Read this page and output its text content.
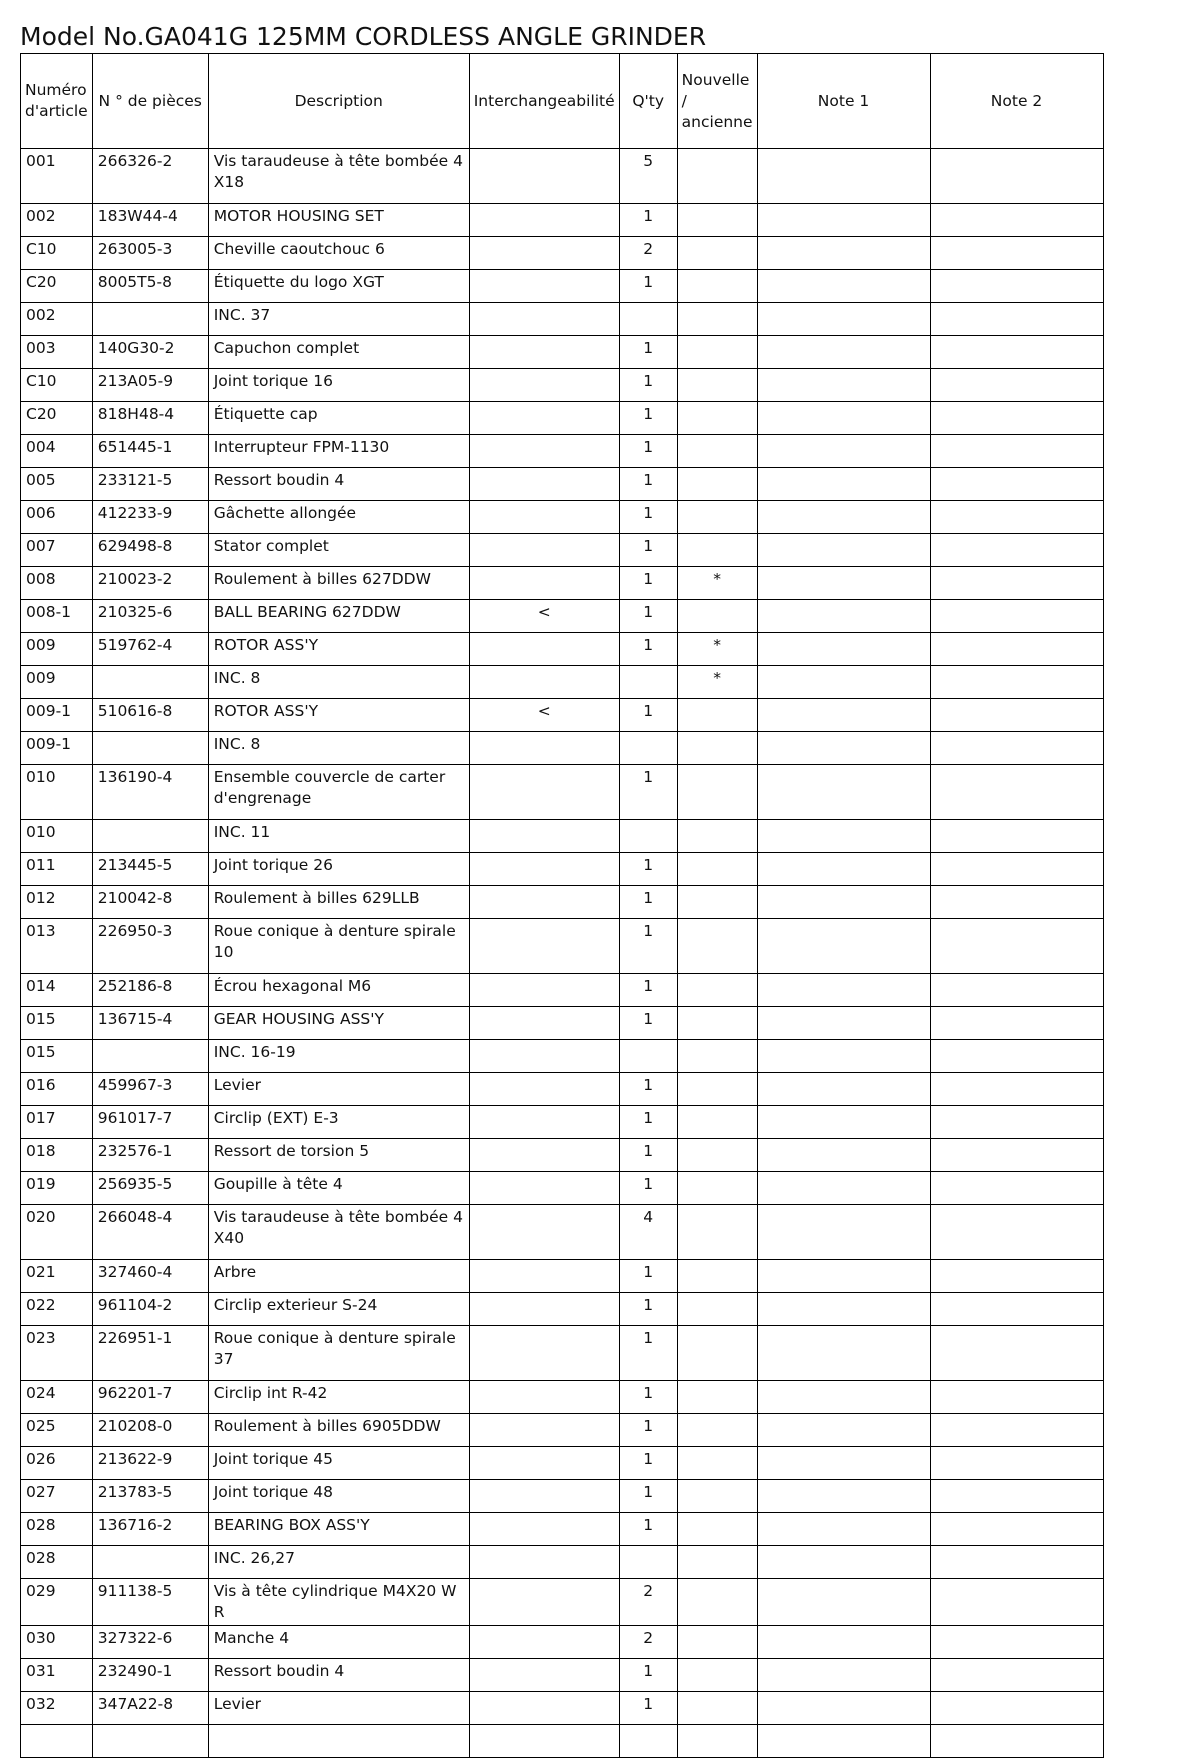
Model No.GA041G 125MM CORDLESS ANGLE GRINDER
Numéro d'article	N ° de pièces	Description	Interchangeabilité	Q'ty	Nouvelle / ancienne	Note 1	Note 2
001	266326-2	Vis taraudeuse à tête bombée 4X18		5			
002	183W44-4	MOTOR HOUSING SET		1			
C10	263005-3	Cheville caoutchouc 6		2			
C20	8005T5-8	Étiquette du logo XGT		1			
002		INC. 37					
003	140G30-2	Capuchon complet		1			
C10	213A05-9	Joint torique 16		1			
C20	818H48-4	Étiquette cap		1			
004	651445-1	Interrupteur FPM-1130		1			
005	233121-5	Ressort boudin 4		1			
006	412233-9	Gâchette allongée		1			
007	629498-8	Stator complet		1			
008	210023-2	Roulement à billes 627DDW		1	*		
008-1	210325-6	BALL BEARING 627DDW	<	1			
009	519762-4	ROTOR ASS'Y		1	*		
009		INC. 8			*		
009-1	510616-8	ROTOR ASS'Y	<	1			
009-1		INC. 8					
010	136190-4	Ensemble couvercle de carter d'engrenage		1			
010		INC. 11					
011	213445-5	Joint torique 26		1			
012	210042-8	Roulement à billes 629LLB		1			
013	226950-3	Roue conique à denture spirale 10		1			
014	252186-8	Écrou hexagonal M6		1			
015	136715-4	GEAR HOUSING ASS'Y		1			
015		INC. 16-19					
016	459967-3	Levier		1			
017	961017-7	Circlip (EXT) E-3		1			
018	232576-1	Ressort de torsion 5		1			
019	256935-5	Goupille à tête 4		1			
020	266048-4	Vis taraudeuse à tête bombée 4X40		4			
021	327460-4	Arbre		1			
022	961104-2	Circlip exterieur S-24		1			
023	226951-1	Roue conique à denture spirale 37		1			
024	962201-7	Circlip int R-42		1			
025	210208-0	Roulement à billes 6905DDW		1			
026	213622-9	Joint torique 45		1			
027	213783-5	Joint torique 48		1			
028	136716-2	BEARING BOX ASS'Y		1			
028		INC. 26,27					
029	911138-5	Vis à tête cylindrique M4X20 WR		2			
030	327322-6	Manche 4		2			
031	232490-1	Ressort boudin 4		1			
032	347A22-8	Levier		1			
